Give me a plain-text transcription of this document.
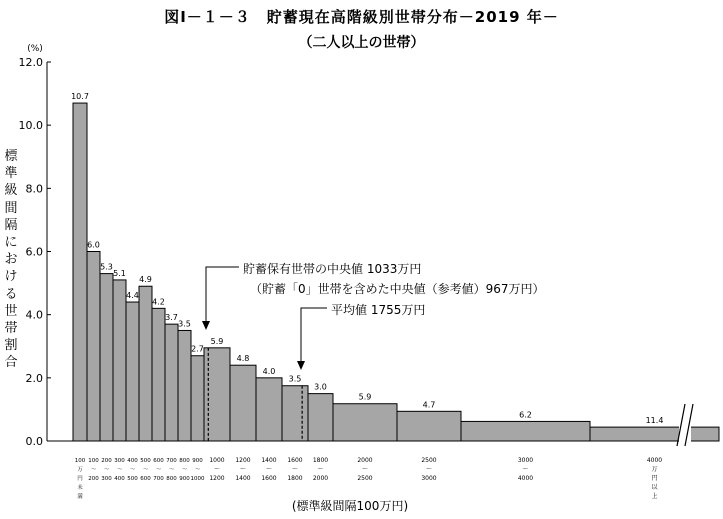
図Ⅰ－１－３　貯蓄現在高階級別世帯分布－2019 年－
（二人以上の世帯）
標準級間隔における世帯割合
(標準級間隔100万円)
貯蓄保有世帯の中央値 1033万円
（貯蓄「0」世帯を含めた中央値（参考値）967万円）
平均値 1755万円
0.0
2.0
4.0
6.0
8.0
10.0
12.0
(%)
10.7
6.0
5.3
5.1
4.4
4.9
4.2
3.7
3.5
2.7
5.9
4.8
4.0
3.5
3.0
5.9
4.7
6.2
11.4
100
万
円
未
満
100
〜
200
200
〜
300
300
〜
400
400
〜
500
500
〜
600
600
〜
700
700
〜
800
800
〜
900
900
〜
1000
1000
〜
1200
1200
〜
1400
1400
〜
1600
1600
〜
1800
1800
〜
2000
2000
〜
2500
2500
〜
3000
3000
〜
4000
4000
万
円
以
上
